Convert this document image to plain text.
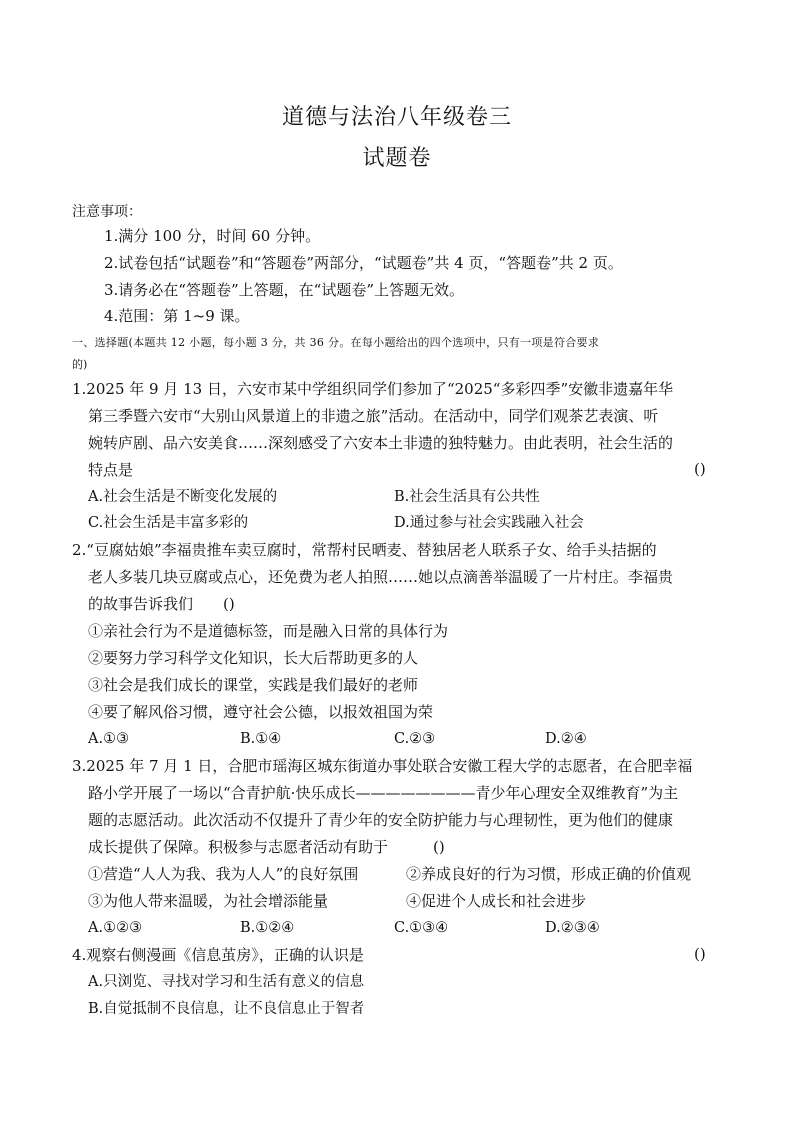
道德与法治八年级卷三
试题卷
注意事项：
1.满分 100 分，时间 60 分钟。
2.试卷包括“试题卷”和“答题卷”两部分，“试题卷”共 4 页，“答题卷”共 2 页。
3.请务必在“答题卷”上答题，在“试题卷”上答题无效。
4.范围：第 1~9 课。
一、选择题(本题共 12 小题，每小题 3 分，共 36 分。在每小题给出的四个选项中，只有一项是符合要求
的)
1.2025 年 9 月 13 日，六安市某中学组织同学们参加了“2025“多彩四季”安徽非遗嘉年华
第三季暨六安市“大别山风景道上的非遗之旅”活动。在活动中，同学们观茶艺表演、听
婉转庐剧、品六安美食……深刻感受了六安本土非遗的独特魅力。由此表明，社会生活的
特点是	()
A.社会生活是不断变化发展的	B.社会生活具有公共性
C.社会生活是丰富多彩的	D.通过参与社会实践融入社会
2.“豆腐姑娘”李福贵推车卖豆腐时，常帮村民晒麦、替独居老人联系子女、给手头拮据的
老人多装几块豆腐或点心，还免费为老人拍照……她以点滴善举温暖了一片村庄。李福贵
的故事告诉我们　　()
①亲社会行为不是道德标签，而是融入日常的具体行为
②要努力学习科学文化知识，长大后帮助更多的人
③社会是我们成长的课堂，实践是我们最好的老师
④要了解风俗习惯，遵守社会公德，以报效祖国为荣
A.①③	B.①④	C.②③	D.②④
3.2025 年 7 月 1 日，合肥市瑶海区城东街道办事处联合安徽工程大学的志愿者，在合肥幸福
路小学开展了一场以“合青护航·快乐成长————————青少年心理安全双维教育”为主
题的志愿活动。此次活动不仅提升了青少年的安全防护能力与心理韧性，更为他们的健康
成长提供了保障。积极参与志愿者活动有助于　　　()
①营造“人人为我、我为人人”的良好氛围	②养成良好的行为习惯，形成正确的价值观
③为他人带来温暖，为社会增添能量	④促进个人成长和社会进步
A.①②③	B.①②④	C.①③④	D.②③④
4.观察右侧漫画《信息茧房》，正确的认识是	()
A.只浏览、寻找对学习和生活有意义的信息
B.自觉抵制不良信息，让不良信息止于智者
